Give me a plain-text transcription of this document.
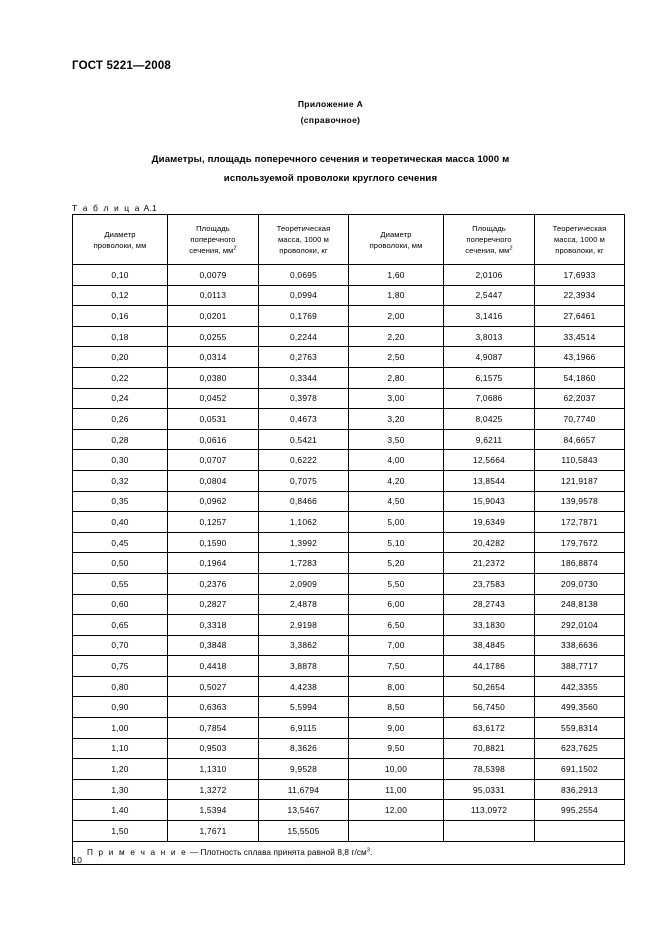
ГОСТ 5221—2008
Приложение А
(справочное)
Диаметры, площадь поперечного сечения и теоретическая масса 1000 м
используемой проволоки круглого сечения
Т а б л и ц а А.1
Диаметр
проволоки, мм

Площадь
поперечного
сечения, $мм^2$

Теоретическая
масса, 1000 м
проволоки, кг

Диаметр
проволоки, мм

Площадь
поперечного
сечения, $мм^2$

Теоретическая
масса, 1000 м
проволоки, кг

0,10	0,0079	0,0695	1,60	2,0106	17,6933
0,12	0,0113	0,0994	1,80	2,5447	22,3934
0,16	0,0201	0,1769	2,00	3,1416	27,6461
0,18	0,0255	0,2244	2,20	3,8013	33,4514
0,20	0,0314	0,2763	2,50	4,9087	43,1966
0,22	0,0380	0,3344	2,80	6,1575	54,1860
0,24	0,0452	0,3978	3,00	7,0686	62,2037
0,26	0,0531	0,4673	3,20	8,0425	70,7740
0,28	0,0616	0,5421	3,50	9,6211	84,6657
0,30	0,0707	0,6222	4,00	12,5664	110,5843
0,32	0,0804	0,7075	4,20	13,8544	121,9187
0,35	0,0962	0,8466	4,50	15,9043	139,9578
0,40	0,1257	1,1062	5,00	19,6349	172,7871
0,45	0,1590	1,3992	5,10	20,4282	179,7672
0,50	0,1964	1,7283	5,20	21,2372	186,8874
0,55	0,2376	2,0909	5,50	23,7583	209,0730
0,60	0,2827	2,4878	6,00	28,2743	248,8138
0,65	0,3318	2,9198	6,50	33,1830	292,0104
0,70	0,3848	3,3862	7,00	38,4845	338,6636
0,75	0,4418	3,8878	7,50	44,1786	388,7717
0,80	0,5027	4,4238	8,00	50,2654	442,3355
0,90	0,6363	5,5994	8,50	56,7450	499,3560
1,00	0,7854	6,9115	9,00	63,6172	559,8314
1,10	0,9503	8,3626	9,50	70,8821	623,7625
1,20	1,1310	9,9528	10,00	78,5398	691,1502
1,30	1,3272	11,6794	11,00	95,0331	836,2913
1,40	1,5394	13,5467	12,00	113,0972	995,2554
1,50	1,7671	15,5505			
П р и м е ч а н и е — Плотность сплава принята равной 8,8 $г/см^3$.					
10
